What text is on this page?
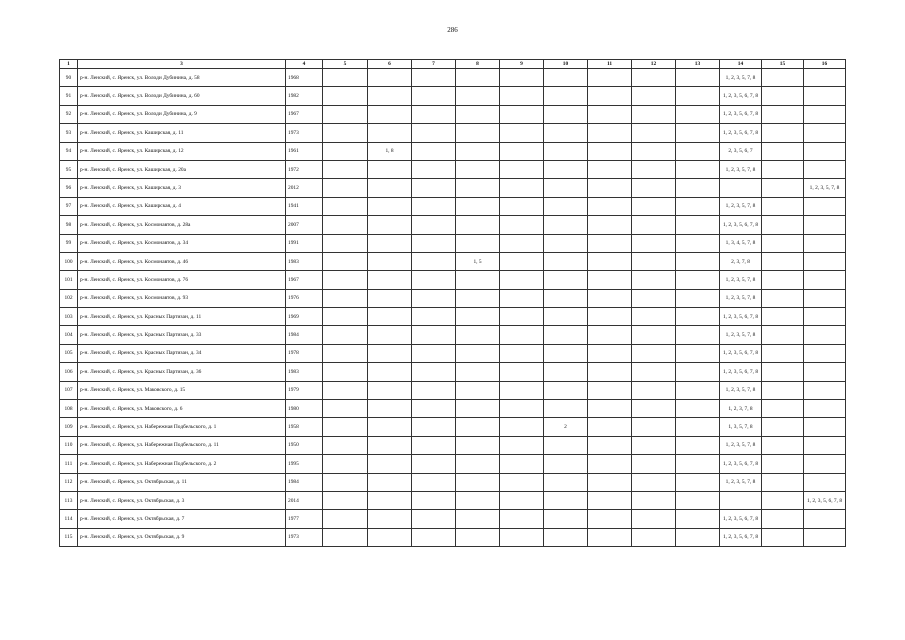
286
1	3	4	5	6	7	8	9	10	11	12	13	14	15	16
90	р-н. Ленский, с. Яренск, ул. Володи Дубинина, д. 58	1968										1, 2, 3, 5, 7, 8		
91	р-н. Ленский, с. Яренск, ул. Володи Дубинина, д. 60	1982										1, 2, 3, 5, 6, 7, 8		
92	р-н. Ленский, с. Яренск, ул. Володи Дубинина, д. 9	1967										1, 2, 3, 5, 6, 7, 8		
93	р-н. Ленский, с. Яренск, ул. Каширская, д. 11	1973										1, 2, 3, 5, 6, 7, 8		
94	р-н. Ленский, с. Яренск, ул. Каширская, д. 12	1961		1, 8								2, 3, 5, 6, 7		
95	р-н. Ленский, с. Яренск, ул. Каширская, д. 20а	1972										1, 2, 3, 5, 7, 8		
96	р-н. Ленский, с. Яренск, ул. Каширская, д. 3	2012												1, 2, 3, 5, 7, 8
97	р-н. Ленский, с. Яренск, ул. Каширская, д. 4	1941										1, 2, 3, 5, 7, 8		
98	р-н. Ленский, с. Яренск, ул. Космонавтов, д. 28а	2007										1, 2, 3, 5, 6, 7, 8		
99	р-н. Ленский, с. Яренск, ул. Космонавтов, д. 34	1991										1, 3, 4, 5, 7, 8		
100	р-н. Ленский, с. Яренск, ул. Космонавтов, д. 46	1983				1, 5						2, 3, 7, 8		
101	р-н. Ленский, с. Яренск, ул. Космонавтов, д. 76	1967										1, 2, 3, 5, 7, 8		
102	р-н. Ленский, с. Яренск, ул. Космонавтов, д. 93	1976										1, 2, 3, 5, 7, 8		
103	р-н. Ленский, с. Яренск, ул. Красных Партизан, д. 11	1969										1, 2, 3, 5, 6, 7, 8		
104	р-н. Ленский, с. Яренск, ул. Красных Партизан, д. 33	1984										1, 2, 3, 5, 7, 8		
105	р-н. Ленский, с. Яренск, ул. Красных Партизан, д. 34	1978										1, 2, 3, 5, 6, 7, 8		
106	р-н. Ленский, с. Яренск, ул. Красных Партизан, д. 36	1983										1, 2, 3, 5, 6, 7, 8		
107	р-н. Ленский, с. Яренск, ул. Маковского, д. 15	1979										1, 2, 3, 5, 7, 8		
108	р-н. Ленский, с. Яренск, ул. Маковского, д. 6	1980										1, 2, 3, 7, 8		
109	р-н. Ленский, с. Яренск, ул. Набережная Подбельского, д. 1	1958						2				1, 3, 5, 7, 8		
110	р-н. Ленский, с. Яренск, ул. Набережная Подбельского, д. 11	1950										1, 2, 3, 5, 7, 8		
111	р-н. Ленский, с. Яренск, ул. Набережная Подбельского, д. 2	1995										1, 2, 3, 5, 6, 7, 8		
112	р-н. Ленский, с. Яренск, ул. Октябрьская, д. 11	1984										1, 2, 3, 5, 7, 8		
113	р-н. Ленский, с. Яренск, ул. Октябрьская, д. 3	2014												1, 2, 3, 5, 6, 7, 8
114	р-н. Ленский, с. Яренск, ул. Октябрьская, д. 7	1977										1, 2, 3, 5, 6, 7, 8		
115	р-н. Ленский, с. Яренск, ул. Октябрьская, д. 9	1973										1, 2, 3, 5, 6, 7, 8		
